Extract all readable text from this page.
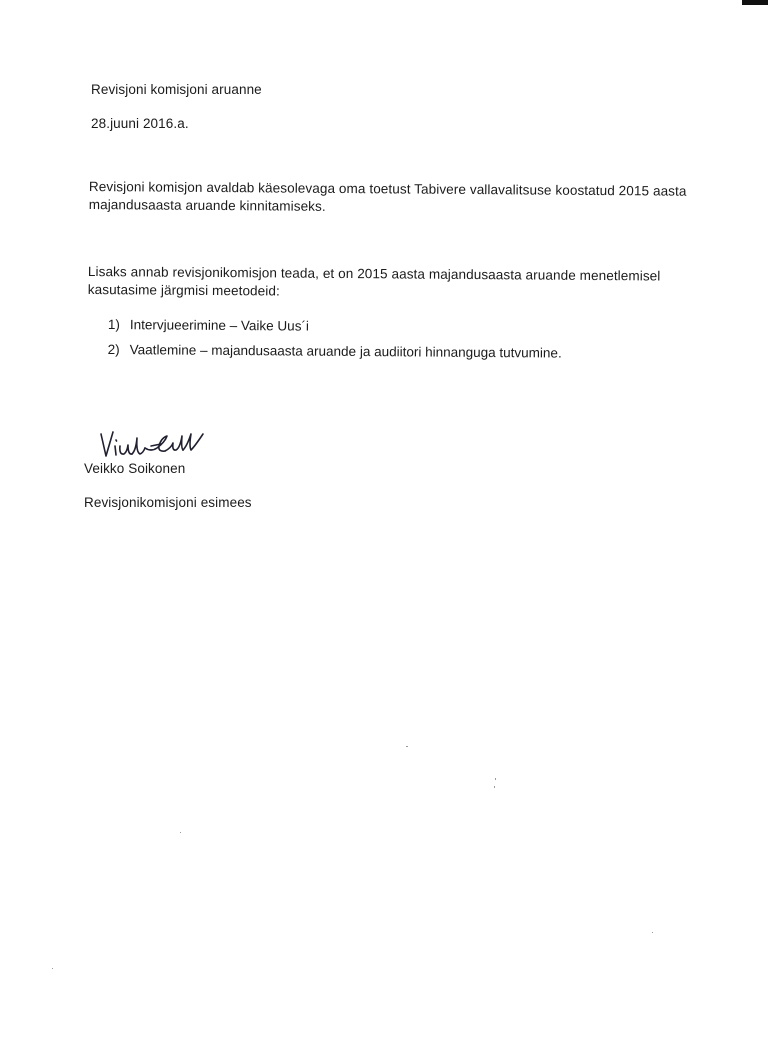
Revisjoni komisjoni aruanne
28.juuni 2016.a.
Revisjoni komisjon avaldab käesolevaga oma toetust Tabivere vallavalitsuse koostatud 2015 aasta
majandusaasta aruande kinnitamiseks.
Lisaks annab revisjonikomisjon teada, et on 2015 aasta majandusaasta aruande menetlemisel
kasutasime järgmisi meetodeid:
1) Intervjueerimine – Vaike Uus´i
2) Vaatlemine – majandusaasta aruande ja audiitori hinnanguga tutvumine.
Veikko Soikonen
Revisjonikomisjoni esimees
